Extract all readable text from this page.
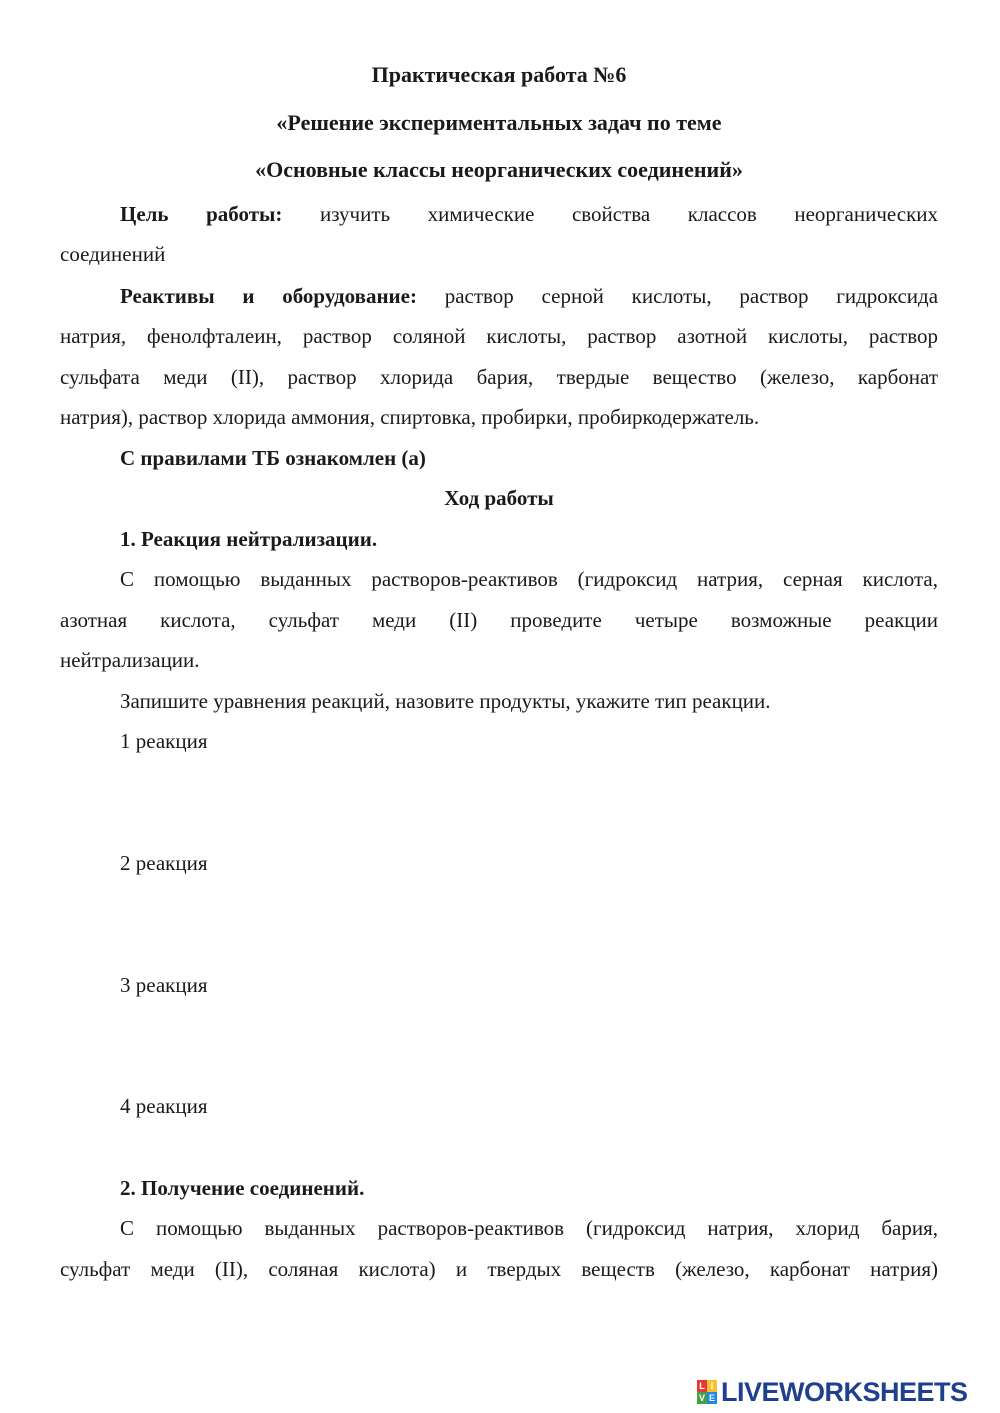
Практическая работа №6
«Решение экспериментальных задач по теме
«Основные классы неорганических соединений»
Цель работы: изучить химические свойства классов неорганических
соединений
Реактивы и оборудование: раствор серной кислоты, раствор гидроксида
натрия, фенолфталеин, раствор соляной кислоты, раствор азотной кислоты, раствор
сульфата меди (II), раствор хлорида бария, твердые вещество (железо, карбонат
натрия), раствор хлорида аммония, спиртовка, пробирки, пробиркодержатель.
С правилами ТБ ознакомлен (а)
Ход работы
1. Реакция нейтрализации.
С помощью выданных растворов-реактивов (гидроксид натрия, серная кислота,
азотная кислота, сульфат меди (II) проведите четыре возможные реакции
нейтрализации.
Запишите уравнения реакций, назовите продукты, укажите тип реакции.
1 реакция
2 реакция
3 реакция
4 реакция
2. Получение соединений.
С помощью выданных растворов-реактивов (гидроксид натрия, хлорид бария,
сульфат меди (II), соляная кислота) и твердых веществ (железо, карбонат натрия)
L I
V E LIVEWORKSHEETS
